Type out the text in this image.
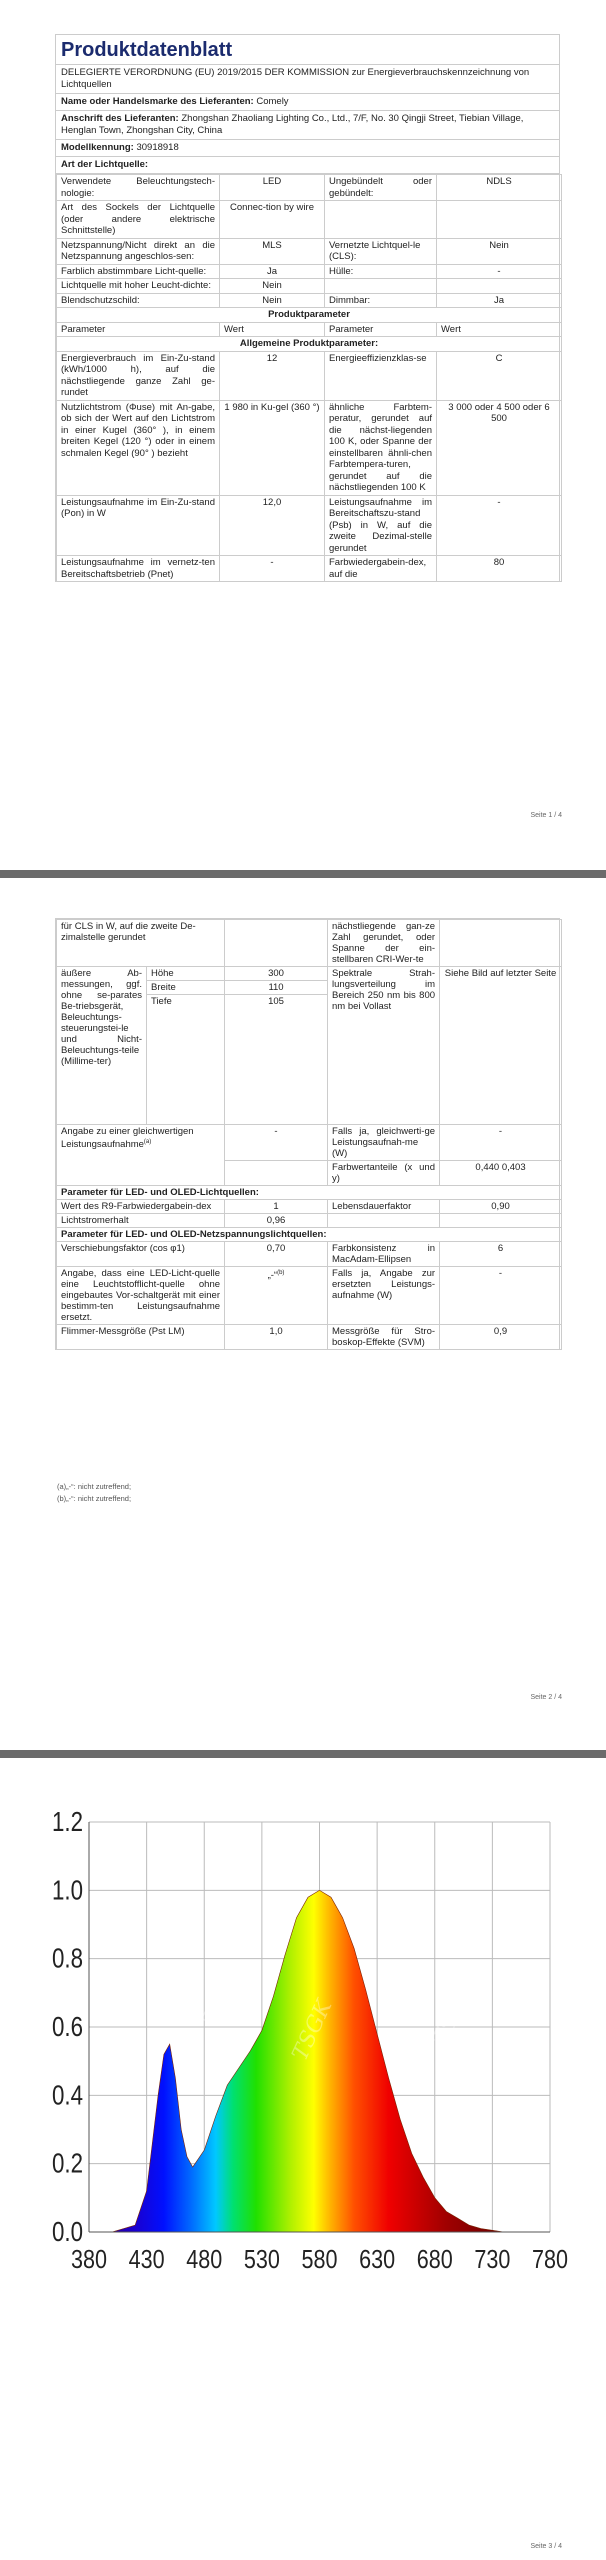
Produktdatenblatt
DELEGIERTE VERORDNUNG (EU) 2019/2015 DER KOMMISSION zur Energieverbrauchskennzeichnung von Lichtquellen
Name oder Handelsmarke des Lieferanten: Comely
Anschrift des Lieferanten: Zhongshan Zhaoliang Lighting Co., Ltd., 7/F, No. 30 Qingji Street, Tiebian Village, Henglan Town, Zhongshan City, China
Modellkennung: 30918918
Art der Lichtquelle:
Verwendete Beleuchtungstech-nologie:	LED	Ungebündelt oder gebündelt:	NDLS
Art des Sockels der Lichtquelle (oder andere elektrische Schnittstelle)	Connec-tion by wire		
Netzspannung/Nicht direkt an die Netzspannung angeschlos-sen:	MLS	Vernetzte Lichtquel-le (CLS):	Nein
Farblich abstimmbare Licht-quelle:	Ja	Hülle:	-
Lichtquelle mit hoher Leucht-dichte:	Nein		
Blendschutzschild:	Nein	Dimmbar:	Ja
Produktparameter			
Parameter	Wert	Parameter	Wert
Allgemeine Produktparameter:			
Energieverbrauch im Ein-Zu-stand (kWh/1000 h), auf die nächstliegende ganze Zahl ge-rundet	12	Energieeffizienzklas-se	C
Nutzlichtstrom (Φuse) mit An-gabe, ob sich der Wert auf den Lichtstrom in einer Kugel (360° ), in einem breiten Kegel (120 °) oder in einem schmalen Kegel (90° ) bezieht	1 980 in Ku-gel (360 °)	ähnliche Farbtem-peratur, gerundet auf die nächst-liegenden 100 K, oder Spanne der einstellbaren ähnli-chen Farbtempera-turen, gerundet auf die nächstliegenden 100 K	3 000 oder 4 500 oder 6 500
Leistungsaufnahme im Ein-Zu-stand (Pon) in W	12,0	Leistungsaufnahme im Bereitschaftszu-stand (Psb) in W, auf die zweite Dezimal-stelle gerundet	-
Leistungsaufnahme im vernetz-ten Bereitschaftsbetrieb (Pnet)	-	Farbwiedergabein-dex, auf die	80
Seite 1 / 4
für CLS in W, auf die zweite De-zimalstelle gerundet			nächstliegende gan-ze Zahl gerundet, oder Spanne der ein-stellbaren CRI-Wer-te	
äußere Ab-messungen, ggf. ohne se-parates Be-triebsgerät, Beleuchtungs-steuerungstei-le und Nicht-Beleuchtungs-teile (Millime-ter)	Höhe	300	Spektrale Strah-lungsverteilung im Bereich 250 nm bis 800 nm bei Vollast	Siehe Bild auf letzter Seite
	Breite	110		
	Tiefe	105		
Angabe zu einer gleichwertigen Leistungsaufnahme$^{(a)}$		-	Falls ja, gleichwerti-ge Leistungsaufnah-me (W)	-
			Farbwertanteile (x und y)	0,440 0,403
Parameter für LED- und OLED-Lichtquellen:				
Wert des R9-Farbwiedergabein-dex		1	Lebensdauerfaktor	0,90
Lichtstromerhalt		0,96		
Parameter für LED- und OLED-Netzspannungslichtquellen:				
Verschiebungsfaktor (cos φ1)		0,70	Farbkonsistenz in MacAdam-Ellipsen	6
Angabe, dass eine LED-Licht-quelle eine Leuchtstofflicht-quelle ohne eingebautes Vor-schaltgerät mit einer bestimm-ten Leistungsaufnahme ersetzt.		„-“$^{(b)}$	Falls ja, Angabe zur ersetzten Leistungs-aufnahme (W)	-
Flimmer-Messgröße (Pst LM)		1,0	Messgröße für Stro-boskop-Effekte (SVM)	0,9
(a)„-“: nicht zutreffend;
(b)„-“: nicht zutreffend;
Seite 2 / 4
Seite 3 / 4
0.0
0.2
0.4
0.6
0.8
1.0
1.2
380 430 480 530 580 630 680 730 780
TSGK
TSGK	TSGK
